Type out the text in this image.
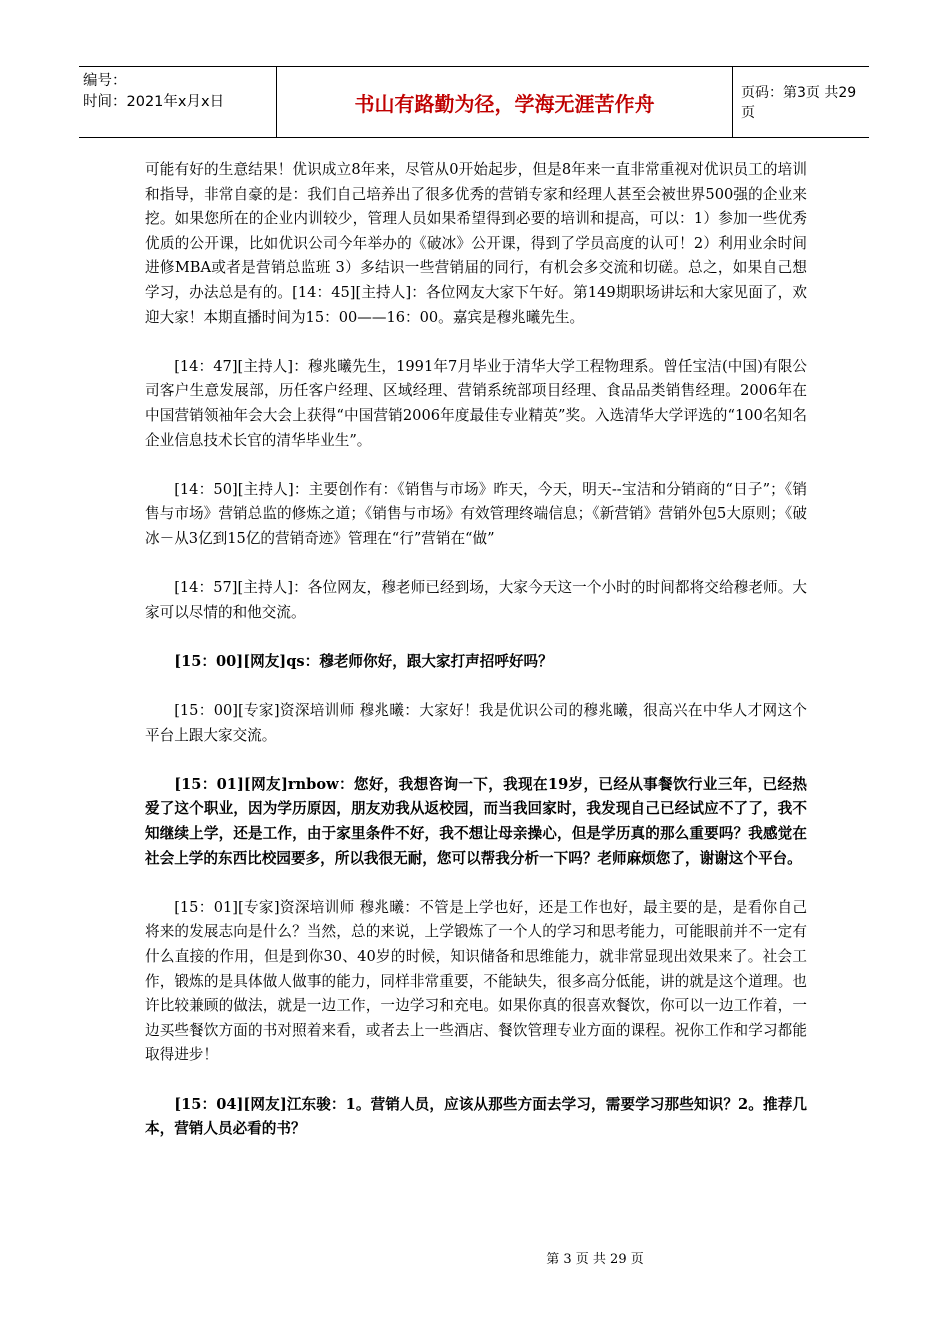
编号：
时间：2021年x月x日	书山有路勤为径，学海无涯苦作舟	页码：第3页 共29页

可能有好的生意结果！优识成立8年来，尽管从0开始起步，但是8年来一直非常重视对优识员工的培训和指导，非常自豪的是：我们自己培养出了很多优秀的营销专家和经理人甚至会被世界500强的企业来挖。如果您所在的企业内训较少，管理人员如果希望得到必要的培训和提高，可以：1）参加一些优秀优质的公开课，比如优识公司今年举办的《破冰》公开课，得到了学员高度的认可！2）利用业余时间进修MBA或者是营销总监班 3）多结识一些营销届的同行，有机会多交流和切磋。总之，如果自己想学习，办法总是有的。[14：45][主持人]：各位网友大家下午好。第149期职场讲坛和大家见面了，欢迎大家！本期直播时间为15：00——16：00。嘉宾是穆兆曦先生。

[14：47][主持人]：穆兆曦先生，1991年7月毕业于清华大学工程物理系。曾任宝洁(中国)有限公司客户生意发展部，历任客户经理、区域经理、营销系统部项目经理、食品品类销售经理。2006年在中国营销领袖年会大会上获得“中国营销2006年度最佳专业精英”奖。入选清华大学评选的“100名知名企业信息技术长官的清华毕业生”。

[14：50][主持人]：主要创作有：《销售与市场》昨天，今天，明天--宝洁和分销商的“日子”；《销售与市场》营销总监的修炼之道；《销售与市场》有效管理终端信息；《新营销》营销外包5大原则；《破冰－从3亿到15亿的营销奇迹》管理在“行”营销在“做”

[14：57][主持人]：各位网友，穆老师已经到场，大家今天这一个小时的时间都将交给穆老师。大家可以尽情的和他交流。

[15：00][网友]qs：穆老师你好，跟大家打声招呼好吗？

[15：00][专家]资深培训师 穆兆曦：大家好！我是优识公司的穆兆曦，很高兴在中华人才网这个平台上跟大家交流。

[15：01][网友]rnbow：您好，我想咨询一下，我现在19岁，已经从事餐饮行业三年，已经热爱了这个职业，因为学历原因，朋友劝我从返校园，而当我回家时，我发现自己已经试应不了了，我不知继续上学，还是工作，由于家里条件不好，我不想让母亲操心，但是学历真的那么重要吗？我感觉在社会上学的东西比校园要多，所以我很无耐，您可以帮我分析一下吗？老师麻烦您了，谢谢这个平台。

[15：01][专家]资深培训师 穆兆曦：不管是上学也好，还是工作也好，最主要的是，是看你自己将来的发展志向是什么？当然，总的来说，上学锻炼了一个人的学习和思考能力，可能眼前并不一定有什么直接的作用，但是到你30、40岁的时候，知识储备和思维能力，就非常显现出效果来了。社会工作，锻炼的是具体做人做事的能力，同样非常重要，不能缺失，很多高分低能，讲的就是这个道理。也许比较兼顾的做法，就是一边工作，一边学习和充电。如果你真的很喜欢餐饮，你可以一边工作着，一边买些餐饮方面的书对照着来看，或者去上一些酒店、餐饮管理专业方面的课程。祝你工作和学习都能取得进步！

[15：04][网友]江东骏：1。营销人员，应该从那些方面去学习，需要学习那些知识？2。推荐几本，营销人员必看的书？

第 3 页 共 29 页
